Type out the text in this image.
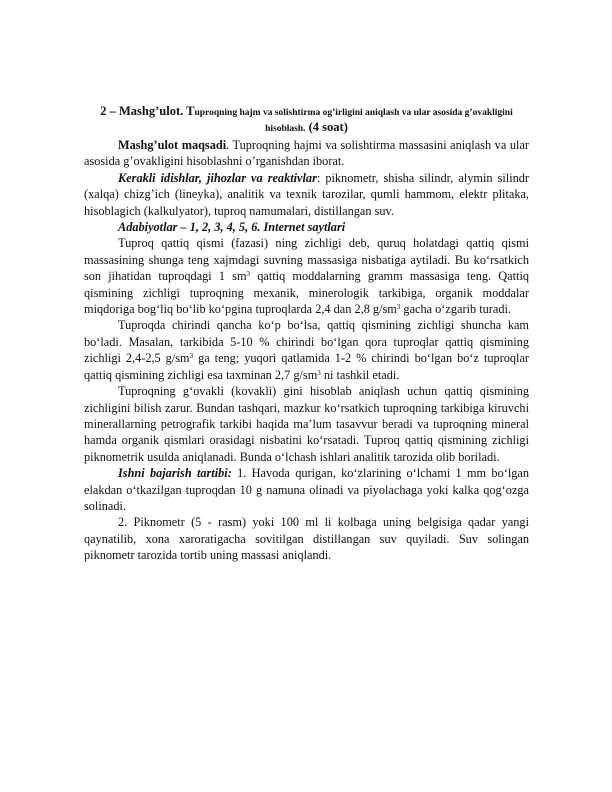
2 – Mashg’ulot. Tuproqning hajm va solishtirma og’irligini aniqlash va ular asosida g’ovakligini hisoblash. (4 soat)

Mashg’ulot maqsadi. Tuproqning hajmi va solishtirma massasini aniqlash va ular asosida g’ovakligini hisoblashni o’rganishdan iborat.

Kerakli idishlar, jihozlar va reaktivlar: piknometr, shisha silindr, alymin silindr (xalqa) chizg’ich (lineyka), analitik va texnik tarozilar, qumli hammom, elektr plitaka, hisoblagich (kalkulyator), tuproq namumalari, distillangan suv.

Adabiyotlar – 1, 2, 3, 4, 5, 6. Internet saytlari

Tuproq qattiq qismi (fazasi) ning zichligi deb, quruq holatdagi qattiq qismi massasining shunga teng xajmdagi suvning massasiga nisbatiga aytiladi. Bu ko‘rsatkich son jihatidan tuproqdagi 1 $sm^3$ qattiq moddalarning gramm massasiga teng. Qattiq qismining zichligi tuproqning mexanik, minerologik tarkibiga, organik moddalar miqdoriga bog‘liq bo‘lib ko‘pgina tuproqlarda 2,4 dan 2,8 $g/sm^3$ gacha o‘zgarib turadi.

Tuproqda chirindi qancha ko‘p bo‘lsa, qattiq qismining zichligi shuncha kam bo‘ladi. Masalan, tarkibida 5-10 % chirindi bo‘lgan qora tuproqlar qattiq qismining zichligi 2,4-2,5 $g/sm^3$ ga teng; yuqori qatlamida 1-2 % chirindi bo‘lgan bo‘z tuproqlar qattiq qismining zichligi esa taxminan 2,7 $g/sm^3$ ni tashkil etadi.

Tuproqning g‘ovakli (kovakli) gini hisoblab aniqlash uchun qattiq qismining zichligini bilish zarur. Bundan tashqari, mazkur ko‘rsatkich tuproqning tarkibiga kiruvchi minerallarning petrografik tarkibi haqida ma’lum tasavvur beradi va tuproqning mineral hamda organik qismlari orasidagi nisbatini ko‘rsatadi. Tuproq qattiq qismining zichligi piknometrik usulda aniqlanadi. Bunda o‘lchash ishlari analitik tarozida olib boriladi.

Ishni bajarish tartibi: 1. Havoda qurigan, ko‘zlarining o‘lchami 1 mm bo‘lgan elakdan o‘tkazilgan tuproqdan 10 g namuna olinadi va piyolachaga yoki kalka qog‘ozga solinadi.

2. Piknometr (5 - rasm) yoki 100 ml li kolbaga uning belgisiga qadar yangi qaynatilib, xona xaroratigacha sovitilgan distillangan suv quyiladi. Suv solingan piknometr tarozida tortib uning massasi aniqlandi.
